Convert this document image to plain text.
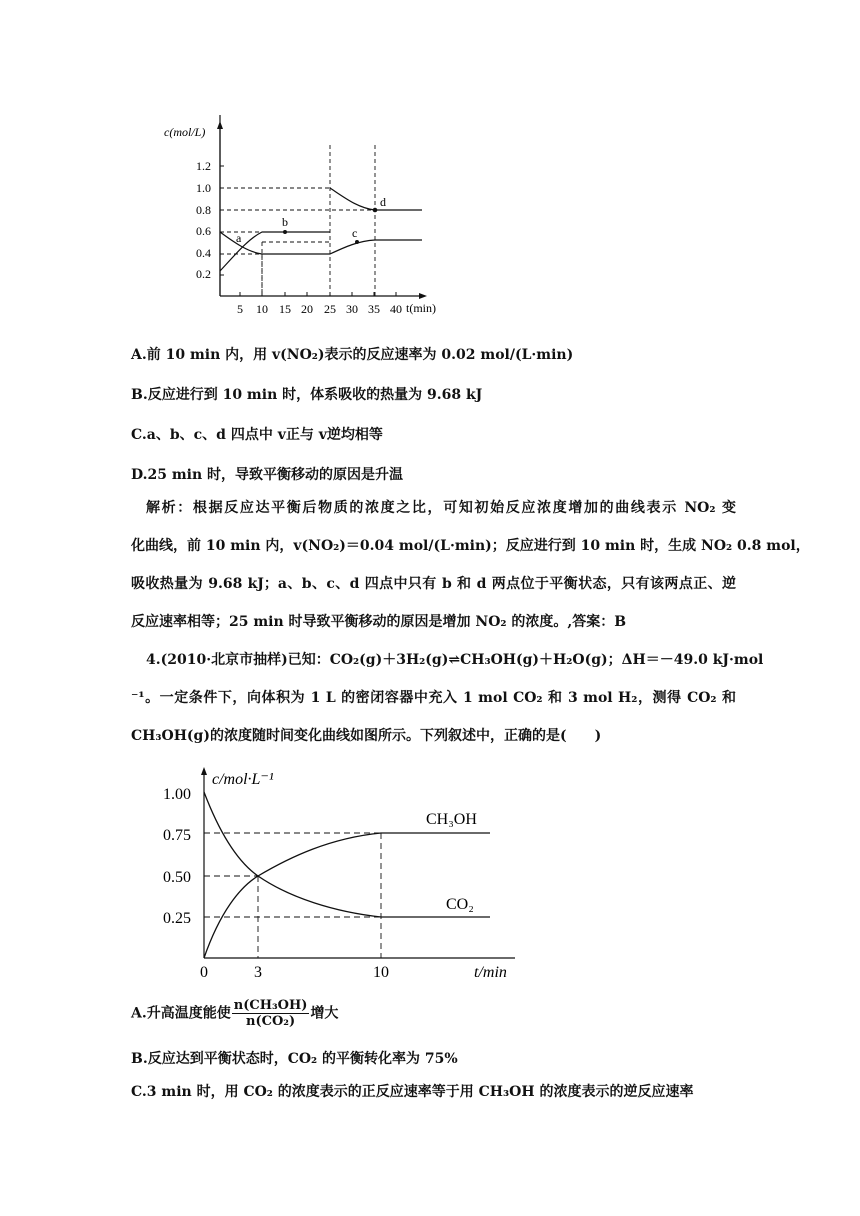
c(mol/L)
t(min)
1.2
1.0
0.8
0.6
0.4
0.2
5 10 15 20 25 30 35 40
a
b
c
d
A.前 10 min 内，用 v(NO₂)表示的反应速率为 0.02 mol/(L·min)
B.反应进行到 10 min 时，体系吸收的热量为 9.68 kJ
C.a、b、c、d 四点中 v正与 v逆均相等
D.25 min 时，导致平衡移动的原因是升温
解析：根据反应达平衡后物质的浓度之比，可知初始反应浓度增加的曲线表示 NO₂ 变
化曲线，前 10 min 内，v(NO₂)＝0.04 mol/(L·min)；反应进行到 10 min 时，生成 NO₂ 0.8 mol，
吸收热量为 9.68 kJ；a、b、c、d 四点中只有 b 和 d 两点位于平衡状态，只有该两点正、逆
反应速率相等；25 min 时导致平衡移动的原因是增加 NO₂ 的浓度。,答案：B
4.(2010·北京市抽样)已知：CO₂(g)＋3H₂(g)⇌CH₃OH(g)＋H₂O(g)；ΔH＝－49.0 kJ·mol
⁻¹。一定条件下，向体积为 1 L 的密闭容器中充入 1 mol CO₂ 和 3 mol H₂，测得 CO₂ 和
CH₃OH(g)的浓度随时间变化曲线如图所示。下列叙述中，正确的是(　　)
c/mol·L⁻¹
t/min
1.00
0.75
0.50
0.25
0	3	10
CH₃OH
CO₂
A.升高温度能使 $\frac{\text{n(CH₃OH)}}{\text{n(CO₂)}}$ 增大
B.反应达到平衡状态时，CO₂ 的平衡转化率为 75%
C.3 min 时，用 CO₂ 的浓度表示的正反应速率等于用 CH₃OH 的浓度表示的逆反应速率
